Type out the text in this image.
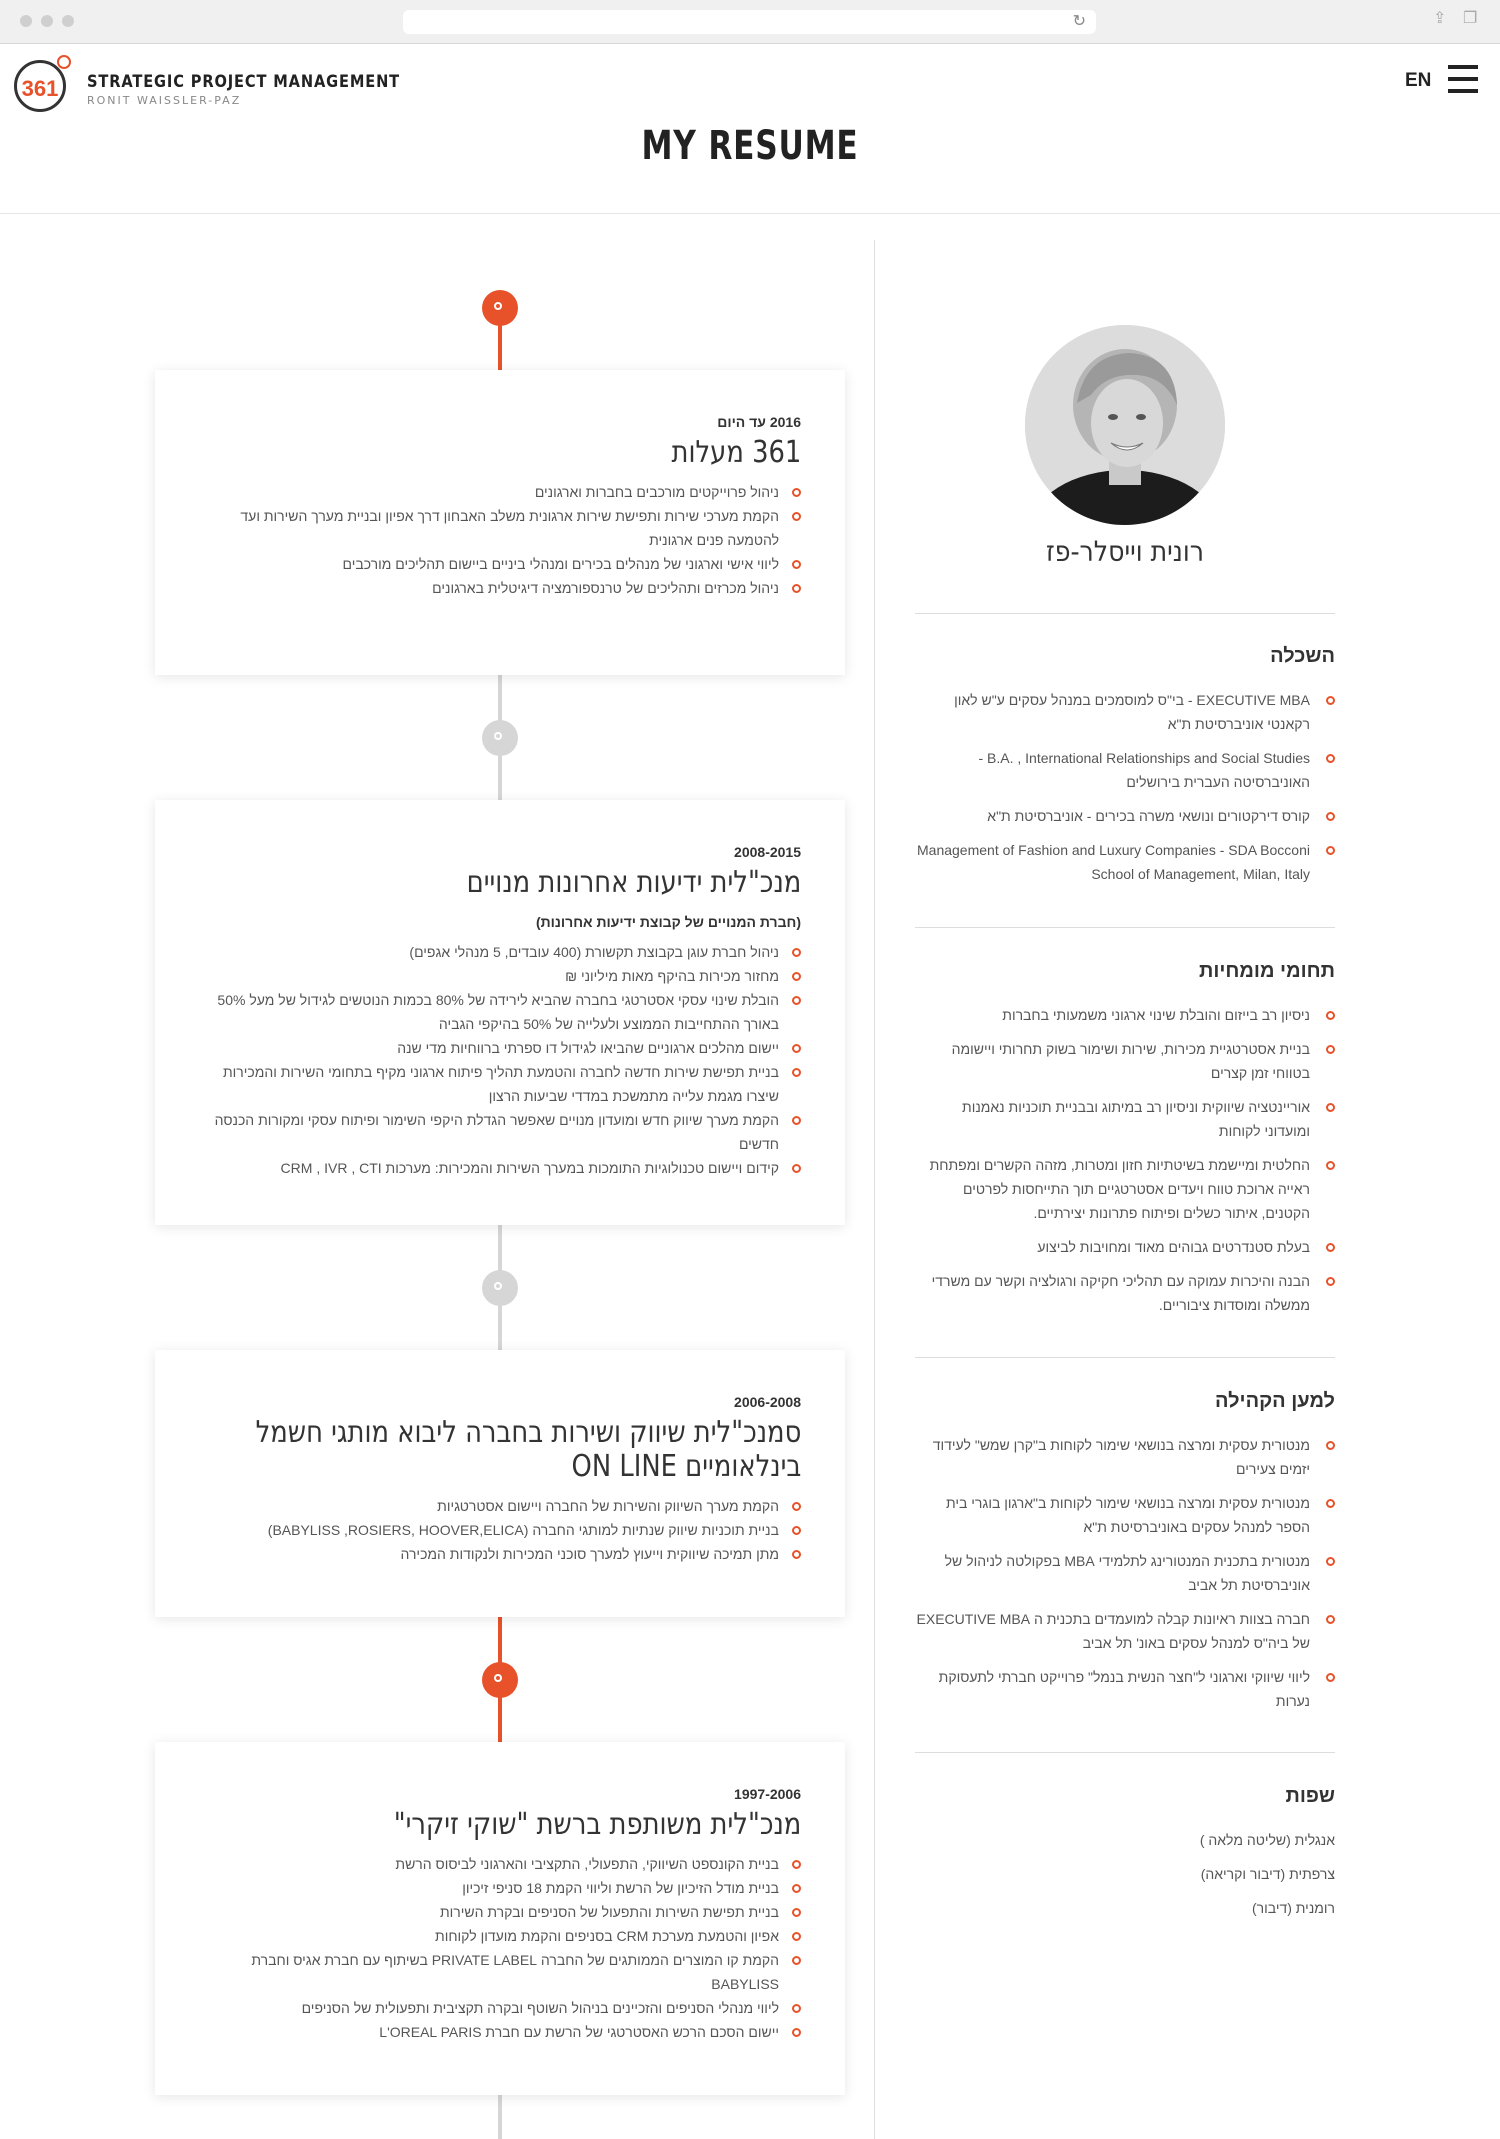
↻	⇪ ❐
361 STRATEGIC PROJECT MANAGEMENT
RONIT WAISSLER-PAZ
EN
MY RESUME
2016 עד היום
361 מעלות
ניהול פרוייקטים מורכבים בחברות וארגונים
הקמת מערכי שירות ותפישת שירות ארגונית משלב האבחון דרך אפיון ובניית מערך השירות ועד להטמעה פנים ארגונית
ליווי אישי וארגוני של מנהלים בכירים ומנהלי ביניים ביישום תהליכים מורכבים
ניהול מכרזים ותהליכים של טרנספורמציה דיגיטלית בארגונים
2008-2015
מנכ"לית ידיעות אחרונות מנויים
(חברת המנויים של קבוצת ידיעות אחרונות)
ניהול חברת עוגן בקבוצת תקשורת (400 עובדים, 5 מנהלי אגפים)
מחזור מכירות בהיקף מאות מיליוני ₪
הובלת שינוי עסקי אסטרטגי בחברה שהביא לירידה של 80% בכמות הנוטשים לגידול של מעל 50% באורך ההתחייבות הממוצע ולעלייה של 50% בהיקפי הגביה
יישום מהלכים ארגוניים שהביאו לגידול דו ספרתי ברווחיות מדי שנה
בניית תפישת שירות חדשה לחברה והטמעת תהליך פיתוח ארגוני מקיף בתחומי השירות והמכירות שיצרו מגמת עלייה מתמשכת במדדי שביעות הרצון
הקמת מערך שיווק חדש ומועדון מנויים שאפשר הגדלת היקפי השימור ופיתוח עסקי ומקורות הכנסה חדשים
קידום ויישום טכנולוגיות התומכות במערך השירות והמכירות: מערכות CRM , IVR , CTI
2006-2008
סמנכ"לית שיווק ושירות בחברה ליבוא מותגי חשמל בינלאומיים ON LINE
הקמת מערך השיווק והשירות של החברה ויישום אסטרטגיות
בניית תוכניות שיווק שנתיות למותגי החברה (BABYLISS ,ROSIERS, HOOVER,ELICA)
מתן תמיכה שיווקית וייעוץ למערך סוכני המכירות ולנקודות המכירה
1997-2006
מנכ"לית משותפת ברשת "שוקי זיקרי"
בניית הקונספט השיווקי, התפעולי, התקציבי והארגוני לביסוס הרשת
בניית מודל הזיכיון של הרשת וליווי הקמת 18 סניפי זיכיון
בניית תפישת השירות והתפעול של הסניפים ובקרת השירות
אפיון והטמעת מערכת CRM בסניפים והקמת מועדון לקוחות
הקמת קו המוצרים הממותגים של החברה PRIVATE LABEL בשיתוף עם חברת אגיס וחברת BABYLISS
ליווי מנהלי הסניפים והזכיינים בניהול השוטף ובקרה תקציבית ותפעולית של הסניפים
יישום הסכם הרכש האסטרטגי של הרשת עם חברת L'OREAL PARIS
רונית וייסלר-פז
השכלה
EXECUTIVE MBA - בי"ס למוסמכים במנהל עסקים ע"ש לאון רקאנטי אוניברסיטת ת"א
B.A. , International Relationships and Social Studies - האוניברסיטה העברית בירושלים
קורס דירקטורים ונושאי משרה בכירים - אוניברסיטת ת"א
Management of Fashion and Luxury Companies - SDA Bocconi School of Management, Milan, Italy
תחומי מומחיות
ניסיון רב בייזום והובלת שינוי ארגוני משמעותי בחברות
בניית אסטרטגיית מכירות, שירות ושימור בשוק תחרותי ויישומה בטווחי זמן קצרים
אוריינטציה שיווקית וניסיון רב במיתוג ובבניית תוכניות נאמנות ומועדוני לקוחות
החלטית ומיישמת בשיטתיות חזון ומטרות, מזהה הקשרים ומפתחת ראייה ארוכת טווח ויעדים אסטרטגיים תוך התייחסות לפרטים הקטנים, איתור כשלים ופיתוח פתרונות יצירתיים.
בעלת סטנדרטים גבוהים מאוד ומחויבות לביצוע
הבנה והיכרות עמוקה עם תהליכי חקיקה ורגולציה וקשר עם משרדי ממשלה ומוסדות ציבוריים.
למען הקהילה
מנטורית עסקית ומרצה בנושאי שימור לקוחות ב"קרן שמש" לעידוד יזמים צעירים
מנטורית עסקית ומרצה בנושאי שימור לקוחות ב"ארגון בוגרי בית הספר למנהל עסקים באוניברסיטת ת"א
מנטורית בתכנית המנטורינג לתלמידי MBA בפקולטה לניהול של אוניברסיטת תל אביב
חברה בצוות ראיונות קבלה למועמדים בתכנית ה EXECUTIVE MBA של ביה"ס למנהל עסקים באונ' תל אביב
ליווי שיווקי וארגוני ל"חצר הנשית בנמל" פרוייקט חברתי לתעסוקת נערות
שפות
אנגלית (שליטה מלאה )
צרפתית (דיבור וקריאה)
רומנית (דיבור)
